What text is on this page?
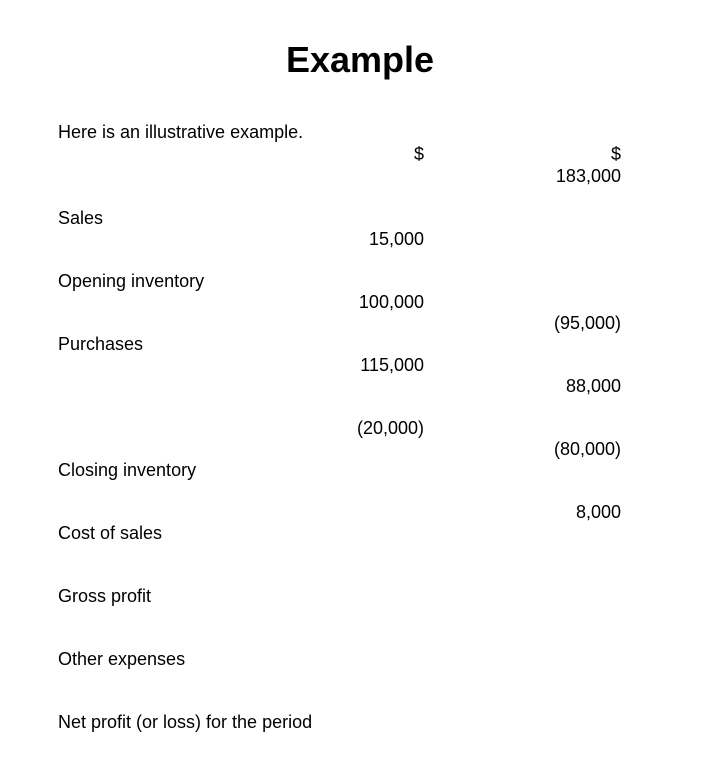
Example
Here is an illustrative example.
$	$

Sales

Opening inventory

Purchases

Closing inventory

Cost of sales

Gross profit

Other expenses

Net profit (or loss) for the period

15,000

100,000

115,000

(20,000)

183,000

(95,000)

88,000

(80,000)

8,000
